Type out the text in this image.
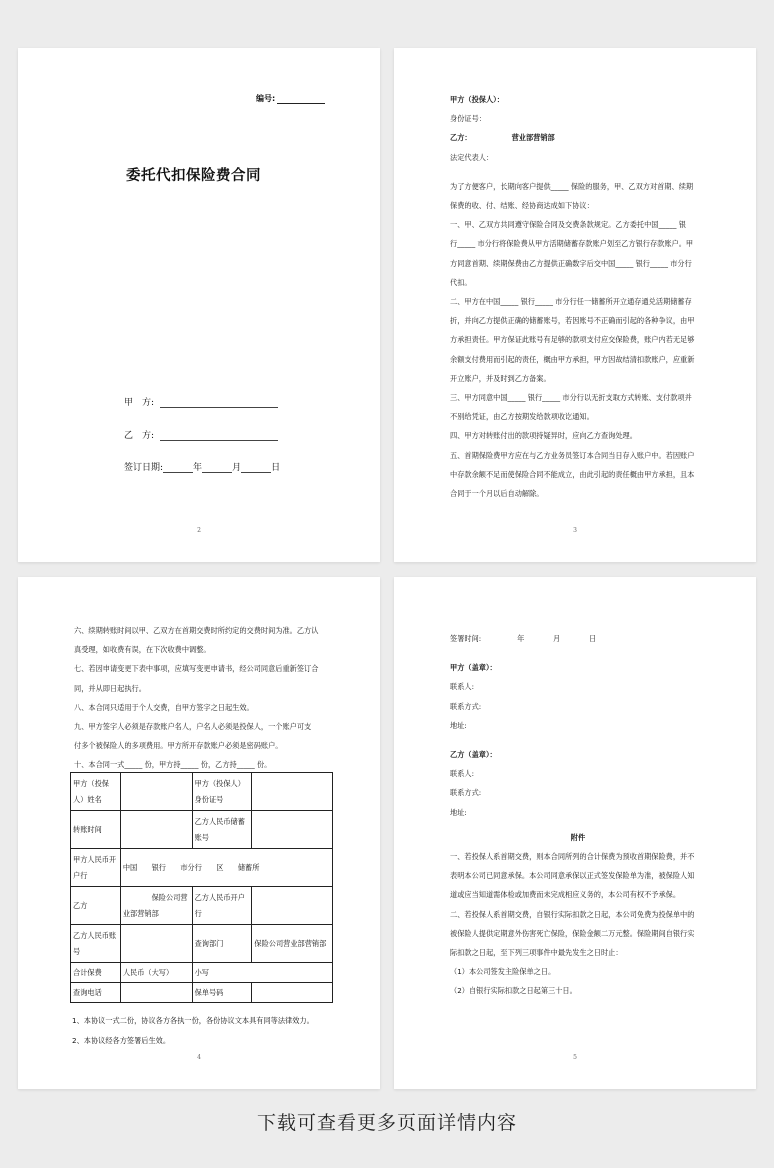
编号:
委托代扣保险费合同
甲　方:
乙　方:
签订日期:	年	月	日
2

甲方（投保人）：

身份证号：

乙方：	营业部营销部

法定代表人：

为了方便客户，长期向客户提供_____ 保险的服务，甲、乙双方对首期、续期
保费的收、付、结账、经协商达成如下协议：

一、甲、乙双方共同遵守保险合同及交费条款规定。乙方委托中国_____ 银
行_____ 市分行将保险费从甲方活期储蓄存款账户划至乙方银行存款账户。甲
方同意首期、续期保费由乙方提供正确数字后交中国_____ 银行_____ 市分行
代扣。

二、甲方在中国_____ 银行_____ 市分行任一储蓄所开立通存通兑活期储蓄存
折，并向乙方提供正确的储蓄账号，若因账号不正确而引起的各种争议，由甲
方承担责任。甲方保证此账号有足够的款项支付应交保险费，账户内若无足够
余额支付费用而引起的责任，概由甲方承担，甲方因故结清扣款账户，应重新
开立账户，并及时到乙方备案。

三、甲方同意中国_____ 银行_____ 市分行以无折支取方式转账、支付款项并
不别给凭证，由乙方按期发给款项收讫通知。

四、甲方对转账付出的款项持疑异时，应向乙方查询处理。

五、首期保险费甲方应在与乙方业务员签订本合同当日存入账户中。若因账户
中存款余额不足而使保险合同不能成立，由此引起的责任概由甲方承担，且本
合同于一个月以后自动解除。

3

六、续期转账时间以甲、乙双方在首期交费时所约定的交费时间为准。乙方认
真受理，如收费有误，在下次收费中调整。

七、若因申请变更下表中事项，应填写变更申请书，经公司同意后重新签订合
同，并从即日起执行。

八、本合同只适用于个人交费，自甲方签字之日起生效。

九、甲方签字人必须是存款账户名人，户名人必须是投保人，一个账户可支
付多个被保险人的多项费用。甲方所开存款账户必须是密码账户。

十、本合同一式_____ 份，甲方持_____ 份，乙方持_____ 份。

甲方（投保人）姓名		甲方（投保人）身份证号	
转账时间		乙方人民币储蓄账号	
甲方人民币开户行	中国　　银行　　市分行　　区　　储蓄所		
乙方	　　　　保险公司营业部营销部	乙方人民币开户行	
乙方人民币账号		查询部门	保险公司营业部营销部
合计保费	人民币（大写）	小写	
查询电话		保单号码	
1、本协议一式二份，协议各方各执一份，各份协议文本具有同等法律效力。
2、本协议经各方签署后生效。
4

签署时间:　　　　　年　　　　月　　　　日

甲方（盖章）：

联系人:

联系方式:

地址:

乙方（盖章）：

联系人:

联系方式:

地址:

附件

一、若投保人系首期交费，则本合同所列的合计保费为预收首期保险费，并不
表明本公司已同意承保。本公司同意承保以正式签发保险单为准，被保险人知
道或应当知道需体检或加费而未完成相应义务的，本公司有权不予承保。

二、若投保人系首期交费，自银行实际扣款之日起，本公司免费为投保单中的
被保险人提供定期意外伤害死亡保险，保险金额二万元整。保险期间自银行实
际扣款之日起，至下列三项事件中最先发生之日时止：

（1）本公司签发主险保单之日。

（2）自银行实际扣款之日起第三十日。

5
下载可查看更多页面详情内容
